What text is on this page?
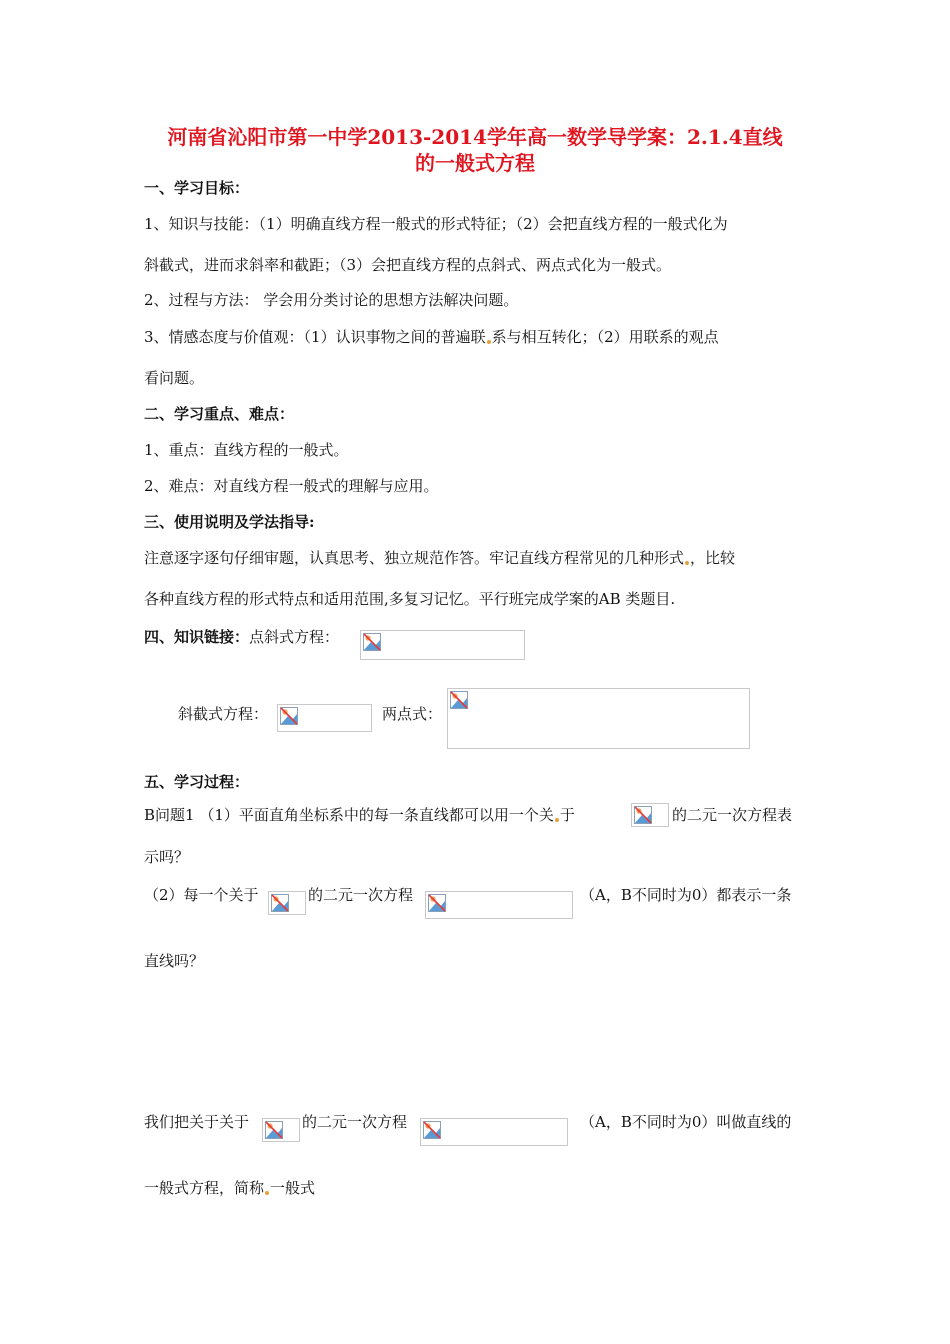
河南省沁阳市第一中学2013-2014学年高一数学导学案：2.1.4直线
的一般式方程
一、学习目标：
1、知识与技能：（1）明确直线方程一般式的形式特征；（2）会把直线方程的一般式化为
斜截式，进而求斜率和截距；（3）会把直线方程的点斜式、两点式化为一般式。
2、过程与方法： 学会用分类讨论的思想方法解决问题。
3、情感态度与价值观：（1）认识事物之间的普遍联 系与相互转化；（2）用联系的观点
看问题。
二、学习重点、难点：
1、重点：直线方程的一般式。
2、难点：对直线方程一般式的理解与应用。
三、使用说明及学法指导:
注意逐字逐句仔细审题，认真思考、独立规范作答。牢记直线方程常见的几种形式 ，比较
各种直线方程的形式特点和适用范围,多复习记忆。平行班完成学案的AB 类题目.
四、知识链接：点斜式方程：
斜截式方程：	两点式：
五、学习过程：
B问题1 （1）平面直角坐标系中的每一条直线都可以用一个关 于	的二元一次方程表
示吗？
（2）每一个关于	的二元一次方程	（A，B不同时为0）都表示一条
直线吗？
我们把关于关于	的二元一次方程	（A，B不同时为0）叫做直线的
一般式方程，简称 一般式
